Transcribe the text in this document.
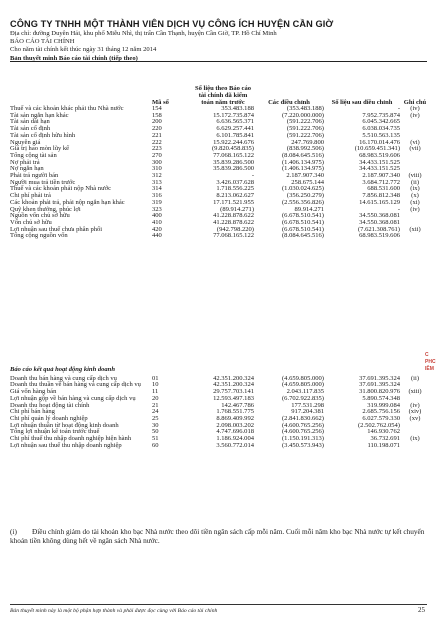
CÔNG TY TNHH MỘT THÀNH VIÊN DỊCH VỤ CÔNG ÍCH HUYỆN CẦN GIỜ
Địa chỉ: đường Duyên Hải, khu phố Miễu Nhì, thị trấn Cần Thạnh, huyện Cần Giờ, TP. Hồ Chí Minh
BÁO CÁO TÀI CHÍNH
Cho năm tài chính kết thúc ngày 31 tháng 12 năm 2014
Bản thuyết minh Báo cáo tài chính (tiếp theo)
	Mã số	Số liệu theo Báo cáo tài chính đã kiểm toán năm trước	Các điều chỉnh	Số liệu sau điều chỉnh	Ghi chú
Thuế và các khoản khác phải thu Nhà nước	154	353.483.188	(353.483.188)	-	(iv)
Tài sản ngắn hạn khác	158	15.172.735.874	(7.220.000.000)	7.952.735.874	(iv)
Tài sản dài hạn	200	6.636.565.371	(591.222.706)	6.045.342.665	
Tài sản cố định	220	6.629.257.441	(591.222.706)	6.038.034.735	
Tài sản cố định hữu hình	221	6.101.785.841	(591.222.706)	5.510.563.135	
Nguyên giá	222	15.922.244.676	247.769.800	16.170.014.476	(vi)
Giá trị hao mòn lũy kế	223	(9.820.458.835)	(838.992.506)	(10.659.451.341)	(vii)
Tổng cộng tài sản	270	77.068.165.122	(8.084.645.516)	68.983.519.606	
Nợ phải trả	300	35.839.286.500	(1.406.134.975)	34.433.151.525	
Nợ ngắn hạn	310	35.839.286.500	(1.406.134.975)	34.433.151.525	
Phải trả người bán	312	-	2.187.907.340	2.187.907.340	(viii)
Người mua trả tiền trước	313	3.426.037.628	258.675.144	3.684.712.772	(ii)
Thuế và các khoản phải nộp Nhà nước	314	1.718.556.225	(1.030.024.625)	688.531.600	(ix)
Chi phí phải trả	316	8.213.062.627	(356.250.279)	7.856.812.348	(x)
Các khoản phải trả, phải nộp ngắn hạn khác	319	17.171.521.955	(2.556.356.826)	14.615.165.129	(xi)
Quỹ khen thưởng, phúc lợi	323	(89.914.271)	89.914.271	-	(iv)
Nguồn vốn chủ sở hữu	400	41.228.878.622	(6.678.510.541)	34.550.368.081	
Vốn chủ sở hữu	410	41.228.878.622	(6.678.510.541)	34.550.368.081	
Lợi nhuận sau thuế chưa phân phối	420	(942.798.220)	(6.678.510.541)	(7.621.308.761)	(xii)
Tổng cộng nguồn vốn	440	77.068.165.122	(8.084.645.516)	68.983.519.606	
Báo cáo kết quả hoạt động kinh doanh					
Doanh thu bán hàng và cung cấp dịch vụ	01	42.351.200.324	(4.659.805.000)	37.691.395.324	(ii)
Doanh thu thuần về bán hàng và cung cấp dịch vụ	10	42.351.200.324	(4.659.805.000)	37.691.395.324	
Giá vốn hàng bán	11	29.757.703.141	2.043.117.835	31.800.820.976	(xiii)
Lợi nhuận gộp về bán hàng và cung cấp dịch vụ	20	12.593.497.183	(6.702.922.835)	5.890.574.348	
Doanh thu hoạt động tài chính	21	142.467.786	177.531.298	319.999.084	(iv)
Chi phí bán hàng	24	1.768.551.775	917.204.381	2.685.756.156	(xiv)
Chi phí quản lý doanh nghiệp	25	8.869.409.992	(2.841.830.662)	6.027.579.330	(xv)
Lợi nhuận thuần từ hoạt động kinh doanh	30	2.098.003.202	(4.600.765.256)	(2.502.762.054)	
Tổng lợi nhuận kế toán trước thuế	50	4.747.696.018	(4.600.765.256)	146.930.762	
Chi phí thuế thu nhập doanh nghiệp hiện hành	51	1.186.924.004	(1.150.191.313)	36.732.691	(ix)
Lợi nhuận sau thuế thu nhập doanh nghiệp	60	3.560.772.014	(3.450.573.943)	110.198.071	
(i) Điều chỉnh giảm do tài khoản kho bạc Nhà nước theo dõi tiền ngân sách cấp mỗi năm. Cuối mỗi năm kho bạc Nhà nước tự kết chuyển khoản tiền không dùng hết về ngân sách Nhà nước.
Bản thuyết minh này là một bộ phận hợp thành và phải được đọc cùng với Báo cáo tài chính	25
C
PHC
IÊM
